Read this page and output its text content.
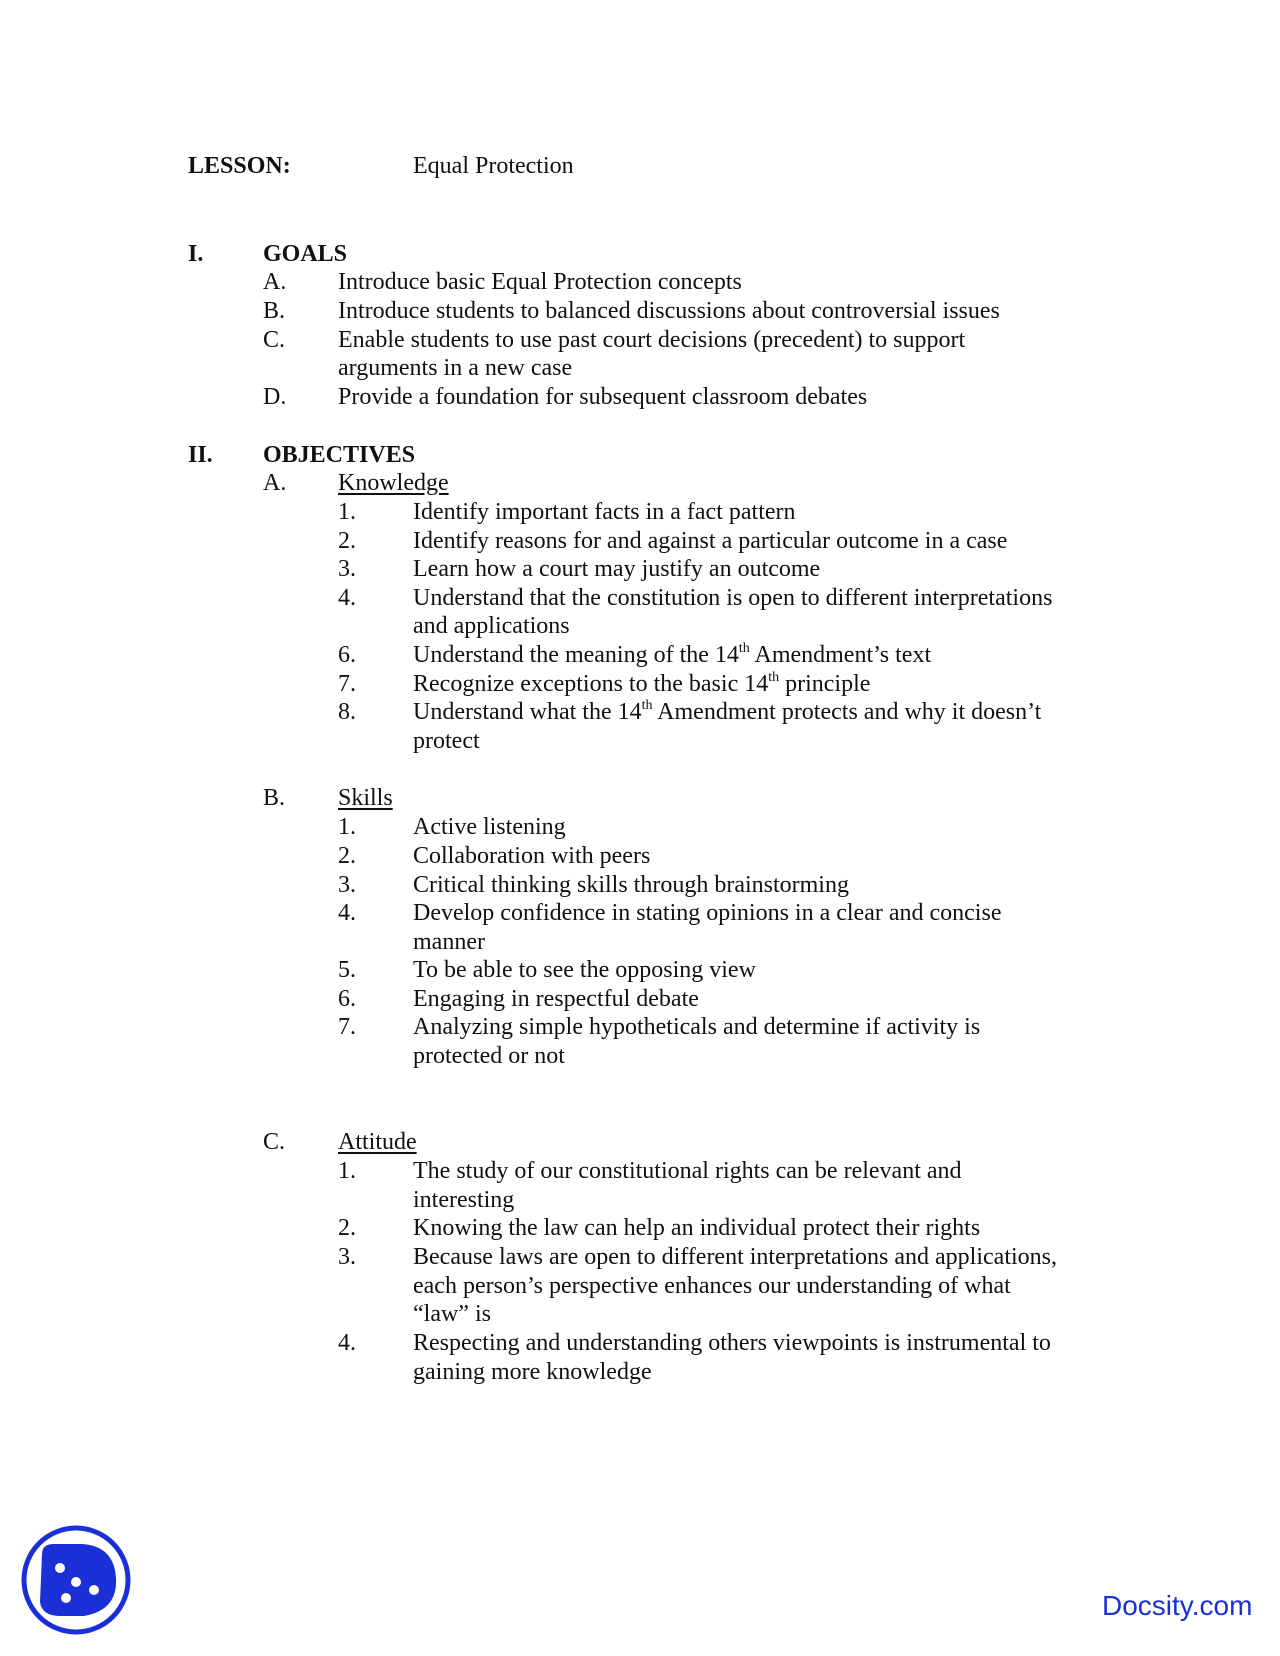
LESSON:	Equal Protection
I. GOALS
A. Introduce basic Equal Protection concepts
B. Introduce students to balanced discussions about controversial issues
C. Enable students to use past court decisions (precedent) to support
arguments in a new case
D. Provide a foundation for subsequent classroom debates
II. OBJECTIVES
A. Knowledge
1. Identify important facts in a fact pattern
2. Identify reasons for and against a particular outcome in a case
3. Learn how a court may justify an outcome
4. Understand that the constitution is open to different interpretations
and applications
6. Understand the meaning of the 14th Amendment’s text
7. Recognize exceptions to the basic 14th principle
8. Understand what the 14th Amendment protects and why it doesn’t
protect
B. Skills
1. Active listening
2. Collaboration with peers
3. Critical thinking skills through brainstorming
4. Develop confidence in stating opinions in a clear and concise
manner
5. To be able to see the opposing view
6. Engaging in respectful debate
7. Analyzing simple hypotheticals and determine if activity is
protected or not
C. Attitude
1. The study of our constitutional rights can be relevant and
interesting
2. Knowing the law can help an individual protect their rights
3. Because laws are open to different interpretations and applications,
each person’s perspective enhances our understanding of what
“law” is
4. Respecting and understanding others viewpoints is instrumental to
gaining more knowledge
Docsity.com
